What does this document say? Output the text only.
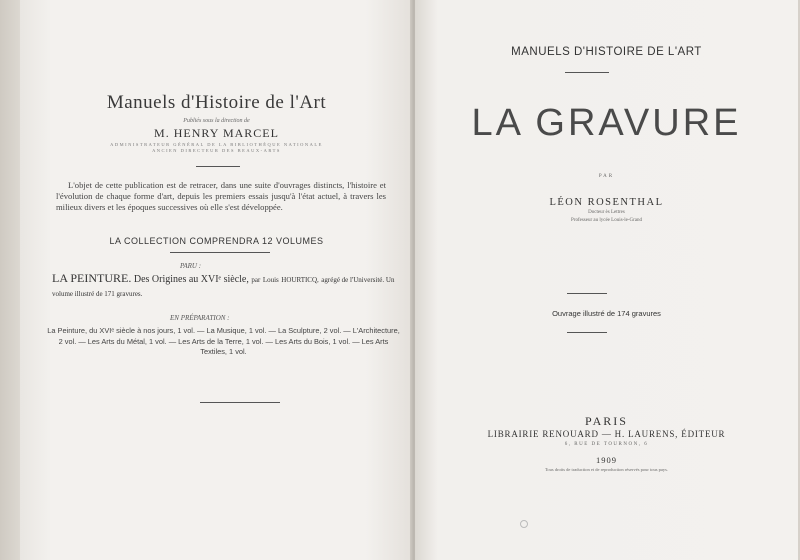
Manuels d'Histoire de l'Art
Publiés sous la direction de
M. HENRY MARCEL
ADMINISTRATEUR GÉNÉRAL DE LA BIBLIOTHÈQUE NATIONALE
ANCIEN DIRECTEUR DES BEAUX-ARTS
L'objet de cette publication est de retracer, dans une suite d'ouvrages distincts, l'histoire et l'évolution de chaque forme d'art, depuis les premiers essais jusqu'à l'état actuel, à travers les milieux divers et les époques successives où elle s'est développée.
LA COLLECTION COMPRENDRA 12 VOLUMES
PARU :
LA PEINTURE. Des Origines au XVIᵉ siècle, par Louis HOURTICQ, agrégé de l'Université. Un volume illustré de 171 gravures.
EN PRÉPARATION :
La Peinture, du XVIᵉ siècle à nos jours, 1 vol. — La Musique, 1 vol. — La Sculpture, 2 vol. — L'Architecture, 2 vol. — Les Arts du Métal, 1 vol. — Les Arts de la Terre, 1 vol. — Les Arts du Bois, 1 vol. — Les Arts Textiles, 1 vol.
MANUELS D'HISTOIRE DE L'ART
LA GRAVURE
PAR
LÉON ROSENTHAL
Docteur ès Lettres
Professeur au lycée Louis-le-Grand
Ouvrage illustré de 174 gravures
PARIS
LIBRAIRIE RENOUARD — H. LAURENS, ÉDITEUR
6, RUE DE TOURNON, 6
1909
Tous droits de traduction et de reproduction réservés pour tous pays.
